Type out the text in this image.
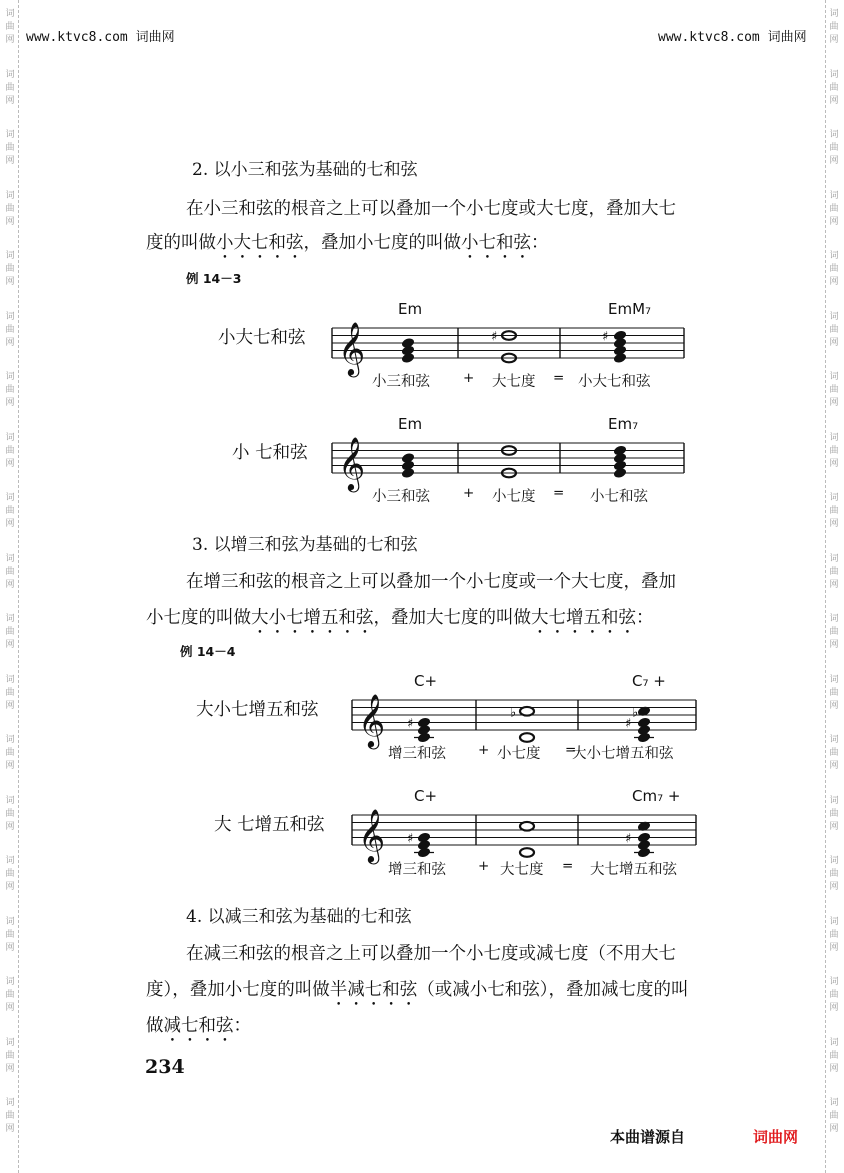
词
曲
网
词
曲
网
词
曲
网
词
曲
网
词
曲
网
词
曲
网
词
曲
网
词
曲
网
词
曲
网
词
曲
网
词
曲
网
词
曲
网
词
曲
网
词
曲
网
词
曲
网
词
曲
网
词
曲
网
词
曲
网
词
曲
网
词
曲
网
词
曲
网
词
曲
网
词
曲
网
词
曲
网
词
曲
网
词
曲
网
词
曲
网
词
曲
网
词
曲
网
词
曲
网
词
曲
网
词
曲
网
词
曲
网
词
曲
网
词
曲
网
词
曲
网
词
曲
网
词
曲
网
www.ktvc8.com 词曲网	www.ktvc8.com 词曲网
2. 以小三和弦为基础的七和弦
在小三和弦的根音之上可以叠加一个小七度或大七度，叠加大七
度的叫做小大七和弦，叠加小七度的叫做小七和弦：
例 14－3
3. 以增三和弦为基础的七和弦
在增三和弦的根音之上可以叠加一个小七度或一个大七度，叠加
小七度的叫做大小七增五和弦，叠加大七度的叫做大七增五和弦：
例 14－4
4. 以减三和弦为基础的七和弦
在减三和弦的根音之上可以叠加一个小七度或减七度（不用大七
度），叠加小七度的叫做半减七和弦（或减小七和弦），叠加减七度的叫
做减七和弦：
小大七和弦
Em	EmM₇
小三和弦 + 大七度 = 小大七和弦
𝄞	♯	♯
小 七和弦
Em	Em₇
小三和弦 + 小七度 = 小七和弦
𝄞
大小七增五和弦
C+	C₇ +
增三和弦 + 小七度 =
大小七增五和弦
𝄞 ♯	♯
♭	♭
大 七增五和弦
C+	Cm₇ +
增三和弦 + 大七度 = 大七增五和弦
𝄞 ♯	♯
234
本曲谱源自	词曲网
